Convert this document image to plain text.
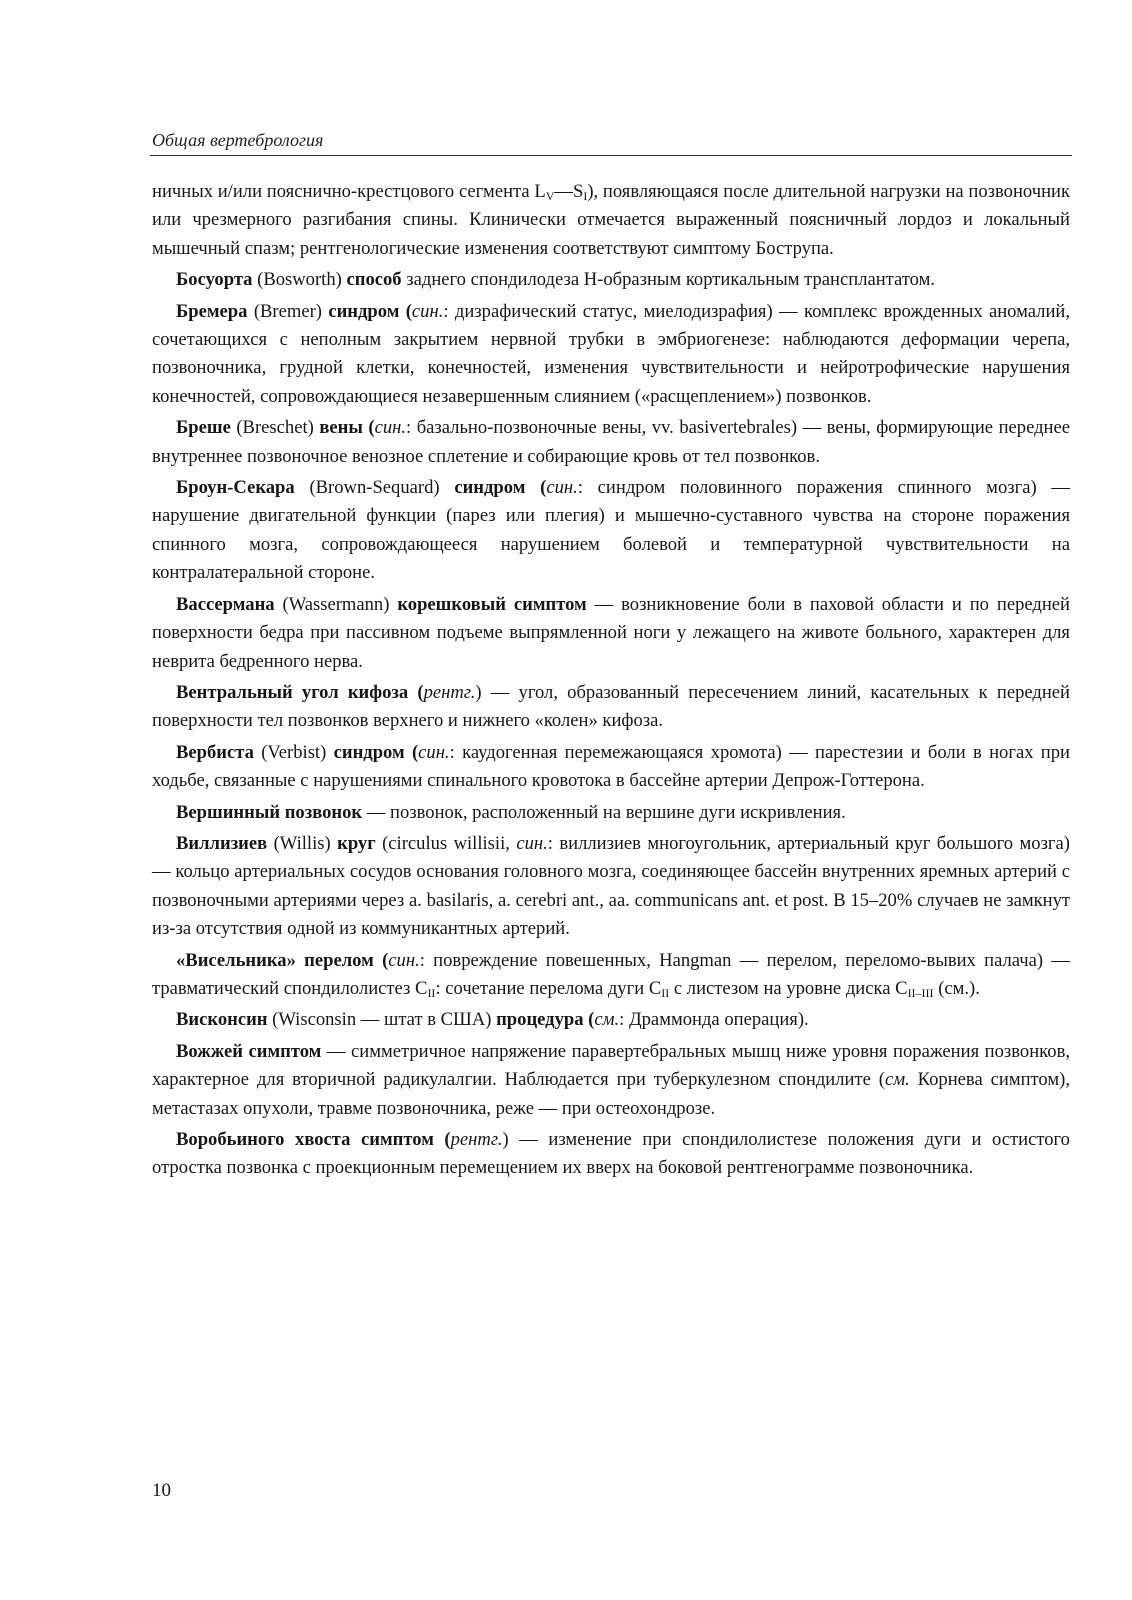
Общая вертебрология

ничных и/или пояснично-крестцового сегмента $L_V—S_I$), появляющаяся после длительной нагрузки на позвоночник или чрезмерного разгибания спины. Клинически отмечается выраженный поясничный лордоз и локальный мышечный спазм; рентгенологические изменения соответствуют симптому Бострупа.

Босуорта (Bosworth) способ заднего спондилодеза Н-образным кортикальным трансплантатом.

Бремера (Bremer) синдром (син.: дизрафический статус, миелодизрафия) — комплекс врожденных аномалий, сочетающихся с неполным закрытием нервной трубки в эмбриогенезе: наблюдаются деформации черепа, позвоночника, грудной клетки, конечностей, изменения чувствительности и нейротрофические нарушения конечностей, сопровождающиеся незавершенным слиянием («расщеплением») позвонков.

Бреше (Breschet) вены (син.: базально-позвоночные вены, vv. basivertebrales) — вены, формирующие переднее внутреннее позвоночное венозное сплетение и собирающие кровь от тел позвонков.

Броун-Секара (Brown-Sequard) синдром (син.: синдром половинного поражения спинного мозга) — нарушение двигательной функции (парез или плегия) и мышечно-суставного чувства на стороне поражения спинного мозга, сопровождающееся нарушением болевой и температурной чувствительности на контралатеральной стороне.

Вассермана (Wassermann) корешковый симптом — возникновение боли в паховой области и по передней поверхности бедра при пассивном подъеме выпрямленной ноги у лежащего на животе больного, характерен для неврита бедренного нерва.

Вентральный угол кифоза (рентг.) — угол, образованный пересечением линий, касательных к передней поверхности тел позвонков верхнего и нижнего «колен» кифоза.

Вербиста (Verbist) синдром (син.: каудогенная перемежающаяся хромота) — парестезии и боли в ногах при ходьбе, связанные с нарушениями спинального кровотока в бассейне артерии Депрож-Готтерона.

Вершинный позвонок — позвонок, расположенный на вершине дуги искривления.

Виллизиев (Willis) круг (circulus willisii, син.: виллизиев многоугольник, артериальный круг большого мозга) — кольцо артериальных сосудов основания головного мозга, соединяющее бассейн внутренних яремных артерий с позвоночными артериями через a. basilaris, a. cerebri ant., aa. communicans ant. et post. В 15–20% случаев не замкнут из-за отсутствия одной из коммуникантных артерий.

«Висельника» перелом (син.: повреждение повешенных, Hangman — перелом, переломо-вывих палача) — травматический спондилолистез $C_{II}$: сочетание перелома дуги $C_{II}$ с листезом на уровне диска $C_{II-III}$ (см.).

Висконсин (Wisconsin — штат в США) процедура (см.: Драммонда операция).

Вожжей симптом — симметричное напряжение паравертебральных мышц ниже уровня поражения позвонков, характерное для вторичной радикулалгии. Наблюдается при туберкулезном спондилите (см. Корнева симптом), метастазах опухоли, травме позвоночника, реже — при остеохондрозе.

Воробьиного хвоста симптом (рентг.) — изменение при спондилолистезе положения дуги и остистого отростка позвонка с проекционным перемещением их вверх на боковой рентгенограмме позвоночника.

10
